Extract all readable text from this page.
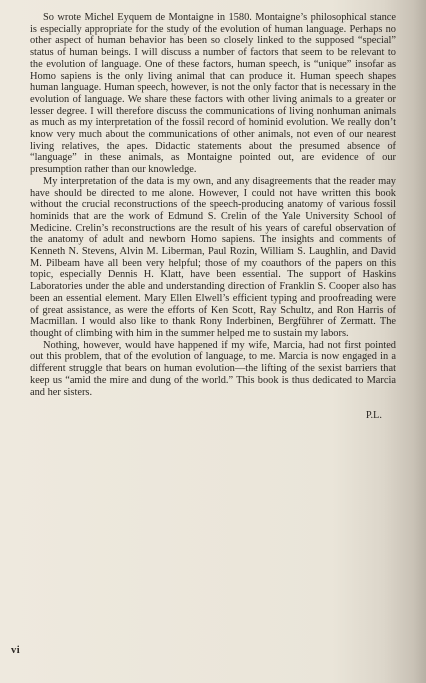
So wrote Michel Eyquem de Montaigne in 1580. Montaigne’s philosophical stance is especially appropriate for the study of the evolution of human language. Perhaps no other aspect of human behavior has been so closely linked to the supposed “special” status of human beings. I will discuss a number of factors that seem to be relevant to the evolution of language. One of these factors, human speech, is “unique” insofar as Homo sapiens is the only living animal that can produce it. Human speech shapes human language. Human speech, however, is not the only factor that is necessary in the evolution of language. We share these factors with other living animals to a greater or lesser degree. I will therefore discuss the communications of living nonhuman animals as much as my interpretation of the fossil record of hominid evolution. We really don’t know very much about the communications of other animals, not even of our nearest living relatives, the apes. Didactic statements about the presumed absence of “language” in these animals, as Montaigne pointed out, are evidence of our presumption rather than our knowledge.

My interpretation of the data is my own, and any disagreements that the reader may have should be directed to me alone. However, I could not have written this book without the crucial reconstructions of the speech-producing anatomy of various fossil hominids that are the work of Edmund S. Crelin of the Yale University School of Medicine. Crelin’s reconstructions are the result of his years of careful observation of the anatomy of adult and newborn Homo sapiens. The insights and comments of Kenneth N. Stevens, Alvin M. Liberman, Paul Rozin, William S. Laughlin, and David M. Pilbeam have all been very helpful; those of my coauthors of the papers on this topic, especially Dennis H. Klatt, have been essential. The support of Haskins Laboratories under the able and understanding direction of Franklin S. Cooper also has been an essential element. Mary Ellen Elwell’s efficient typing and proofreading were of great assistance, as were the efforts of Ken Scott, Ray Schultz, and Ron Harris of Macmillan. I would also like to thank Rony Inderbinen, Bergführer of Zermatt. The thought of climbing with him in the summer helped me to sustain my labors.

Nothing, however, would have happened if my wife, Marcia, had not first pointed out this problem, that of the evolution of language, to me. Marcia is now engaged in a different struggle that bears on human evolution—the lifting of the sexist barriers that keep us “amid the mire and dung of the world.” This book is thus dedicated to Marcia and her sisters.

P.L.
vi
